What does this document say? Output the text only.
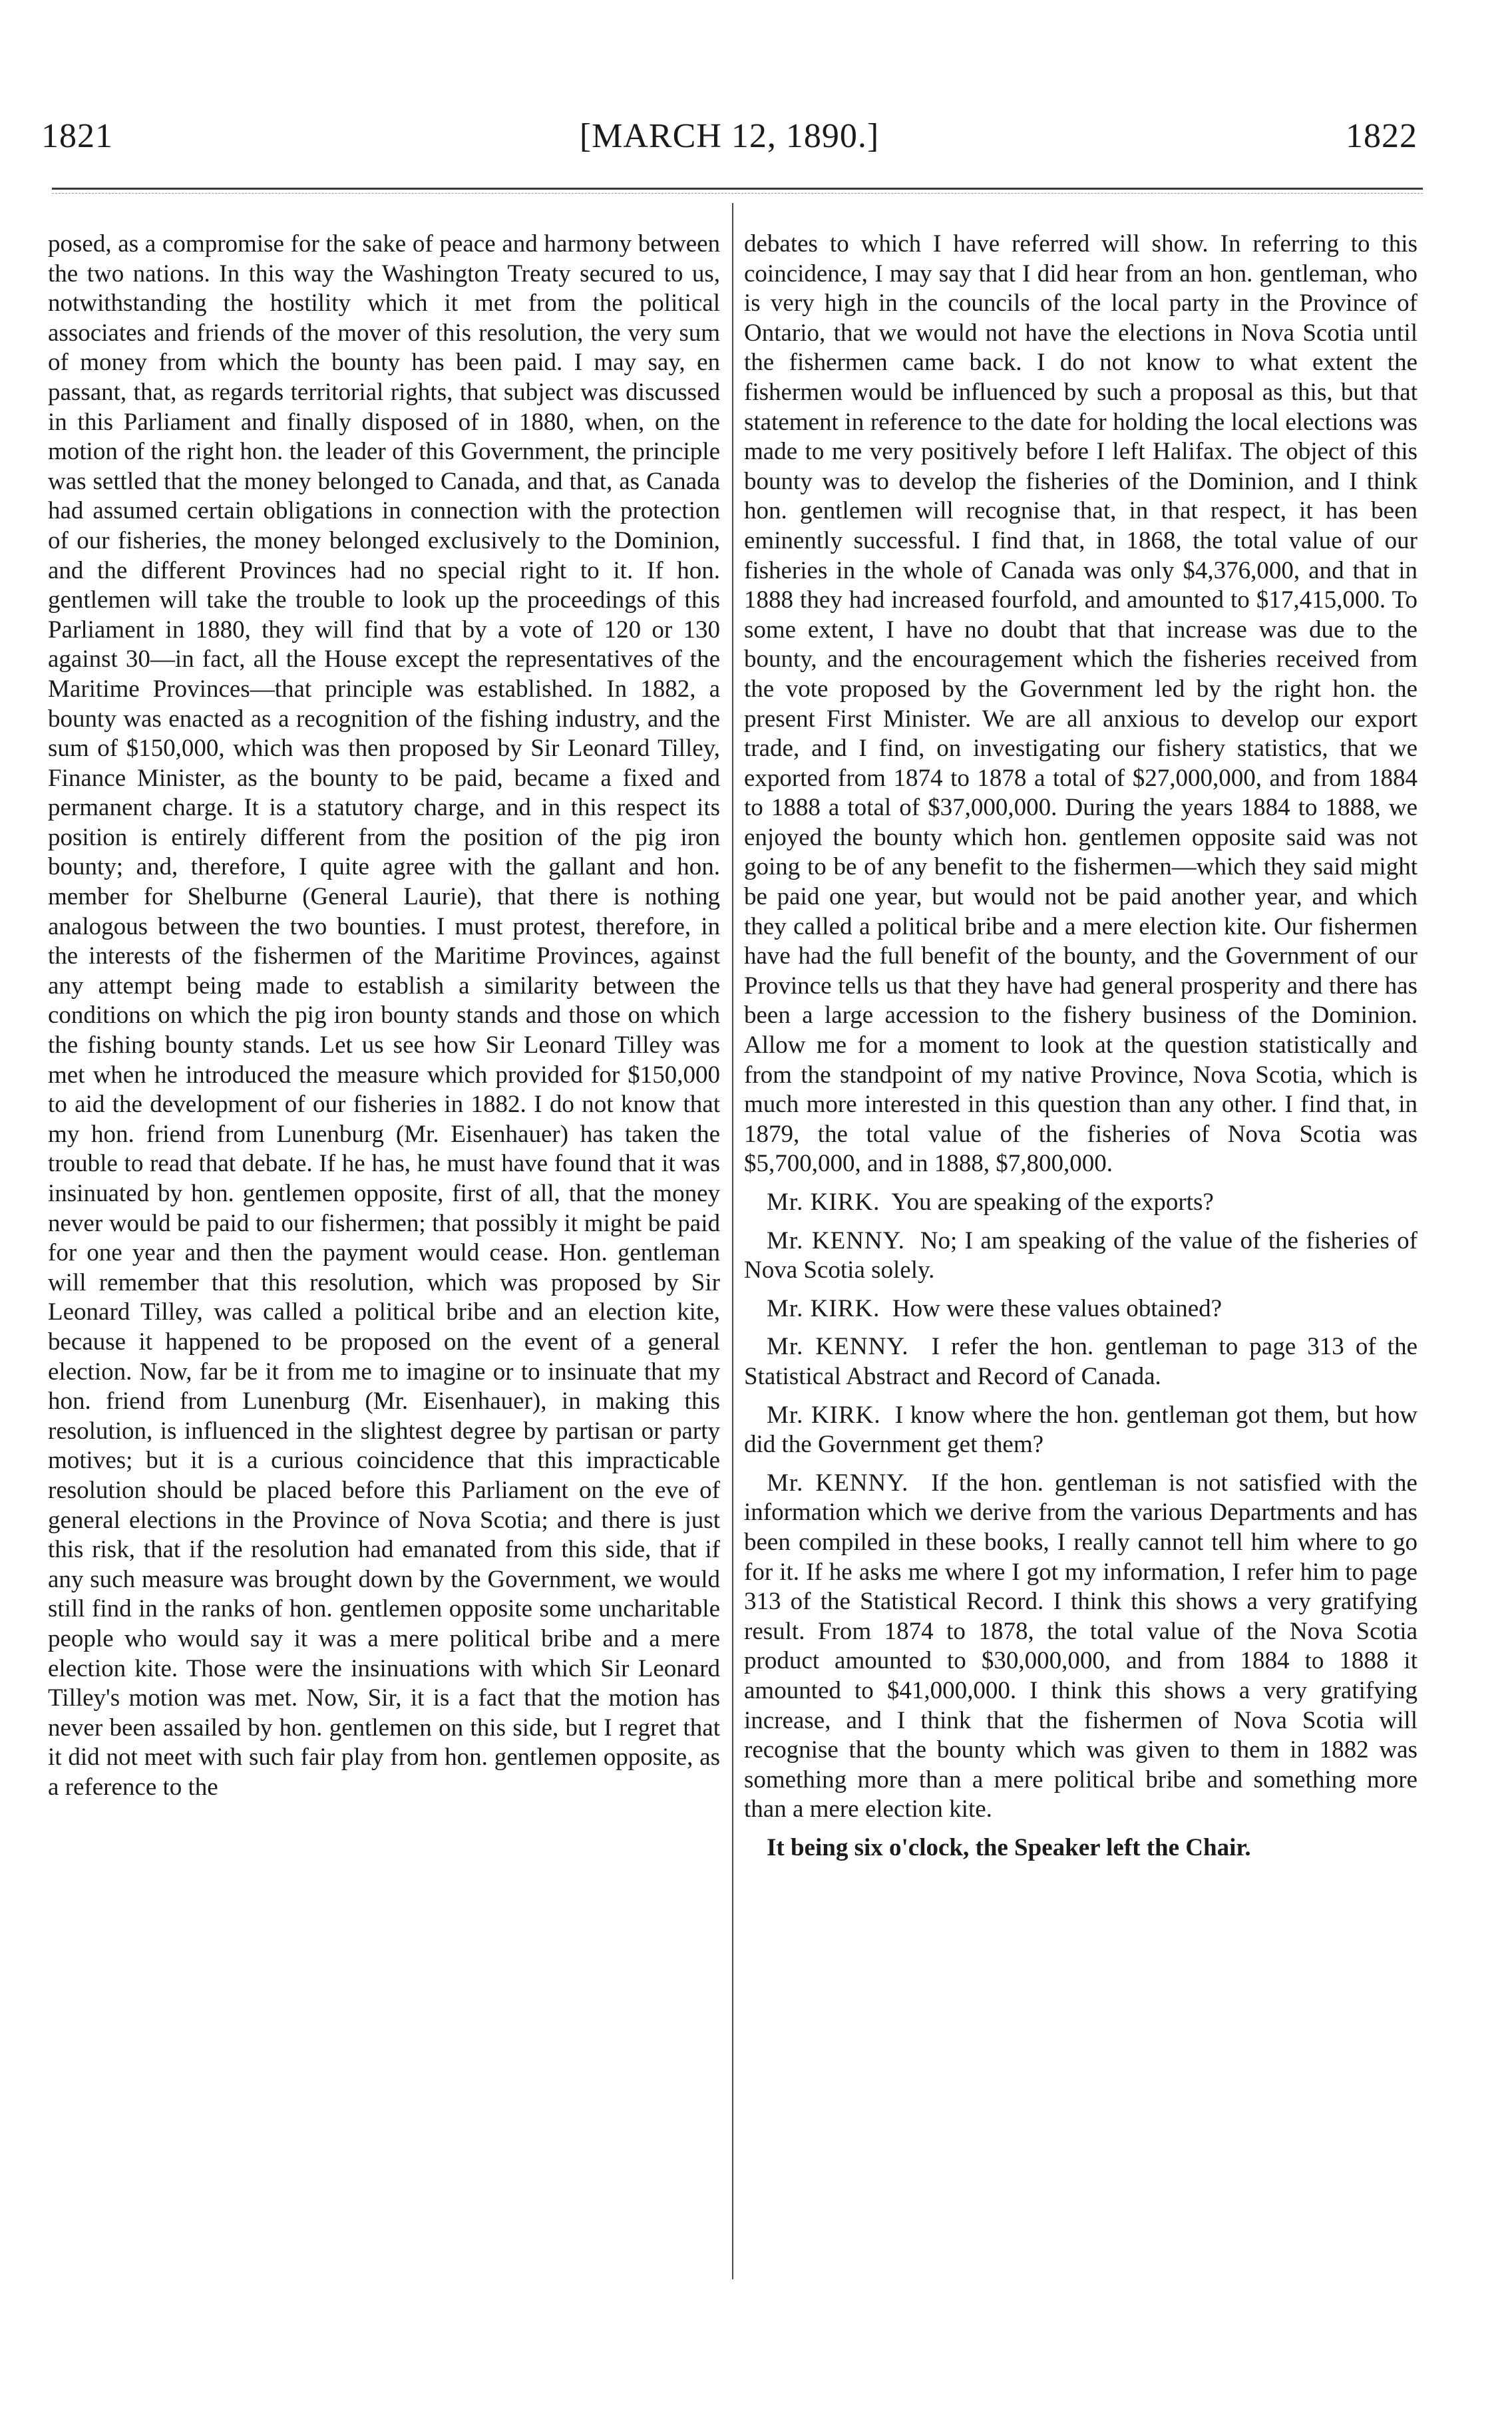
1821	[MARCH 12, 1890.]	1822

posed, as a compromise for the sake of peace and harmony between the two nations. In this way the Washington Treaty secured to us, notwithstanding the hostility which it met from the political associates and friends of the mover of this resolution, the very sum of money from which the bounty has been paid. I may say, en passant, that, as regards territorial rights, that subject was discussed in this Parliament and finally disposed of in 1880, when, on the motion of the right hon. the leader of this Government, the principle was settled that the money belonged to Canada, and that, as Canada had assumed certain obligations in connection with the protection of our fisheries, the money belonged exclusively to the Dominion, and the different Provinces had no special right to it. If hon. gentlemen will take the trouble to look up the proceedings of this Parliament in 1880, they will find that by a vote of 120 or 130 against 30—in fact, all the House except the representatives of the Maritime Provinces—that principle was established. In 1882, a bounty was enacted as a recognition of the fishing industry, and the sum of $150,000, which was then proposed by Sir Leonard Tilley, Finance Minister, as the bounty to be paid, became a fixed and permanent charge. It is a statutory charge, and in this respect its position is entirely different from the position of the pig iron bounty; and, therefore, I quite agree with the gallant and hon. member for Shelburne (General Laurie), that there is nothing analogous between the two bounties. I must protest, therefore, in the interests of the fishermen of the Maritime Provinces, against any attempt being made to establish a similarity between the conditions on which the pig iron bounty stands and those on which the fishing bounty stands. Let us see how Sir Leonard Tilley was met when he introduced the measure which provided for $150,000 to aid the development of our fisheries in 1882. I do not know that my hon. friend from Lunenburg (Mr. Eisenhauer) has taken the trouble to read that debate. If he has, he must have found that it was insinuated by hon. gentlemen opposite, first of all, that the money never would be paid to our fishermen; that possibly it might be paid for one year and then the payment would cease. Hon. gentleman will remember that this resolution, which was proposed by Sir Leonard Tilley, was called a political bribe and an election kite, because it happened to be proposed on the event of a general election. Now, far be it from me to imagine or to insinuate that my hon. friend from Lunenburg (Mr. Eisenhauer), in making this resolution, is influenced in the slightest degree by partisan or party motives; but it is a curious coincidence that this impracticable resolution should be placed before this Parliament on the eve of general elections in the Province of Nova Scotia; and there is just this risk, that if the resolution had emanated from this side, that if any such measure was brought down by the Government, we would still find in the ranks of hon. gentlemen opposite some uncharitable people who would say it was a mere political bribe and a mere election kite. Those were the insinuations with which Sir Leonard Tilley's motion was met. Now, Sir, it is a fact that the motion has never been assailed by hon. gentlemen on this side, but I regret that it did not meet with such fair play from hon. gentlemen opposite, as a reference to the

debates to which I have referred will show. In referring to this coincidence, I may say that I did hear from an hon. gentleman, who is very high in the councils of the local party in the Province of Ontario, that we would not have the elections in Nova Scotia until the fishermen came back. I do not know to what extent the fishermen would be influenced by such a proposal as this, but that statement in reference to the date for holding the local elections was made to me very positively before I left Halifax. The object of this bounty was to develop the fisheries of the Dominion, and I think hon. gentlemen will recognise that, in that respect, it has been eminently successful. I find that, in 1868, the total value of our fisheries in the whole of Canada was only $4,376,000, and that in 1888 they had increased fourfold, and amounted to $17,415,000. To some extent, I have no doubt that that increase was due to the bounty, and the encouragement which the fisheries received from the vote proposed by the Government led by the right hon. the present First Minister. We are all anxious to develop our export trade, and I find, on investigating our fishery statistics, that we exported from 1874 to 1878 a total of $27,000,000, and from 1884 to 1888 a total of $37,000,000. During the years 1884 to 1888, we enjoyed the bounty which hon. gentlemen opposite said was not going to be of any benefit to the fishermen—which they said might be paid one year, but would not be paid another year, and which they called a political bribe and a mere election kite. Our fishermen have had the full benefit of the bounty, and the Government of our Province tells us that they have had general prosperity and there has been a large accession to the fishery business of the Dominion. Allow me for a moment to look at the question statistically and from the standpoint of my native Province, Nova Scotia, which is much more interested in this question than any other. I find that, in 1879, the total value of the fisheries of Nova Scotia was $5,700,000, and in 1888, $7,800,000.

Mr. KIRK. You are speaking of the exports?

Mr. KENNY. No; I am speaking of the value of the fisheries of Nova Scotia solely.

Mr. KIRK. How were these values obtained?

Mr. KENNY. I refer the hon. gentleman to page 313 of the Statistical Abstract and Record of Canada.

Mr. KIRK. I know where the hon. gentleman got them, but how did the Government get them?

Mr. KENNY. If the hon. gentleman is not satisfied with the information which we derive from the various Departments and has been compiled in these books, I really cannot tell him where to go for it. If he asks me where I got my information, I refer him to page 313 of the Statistical Record. I think this shows a very gratifying result. From 1874 to 1878, the total value of the Nova Scotia product amounted to $30,000,000, and from 1884 to 1888 it amounted to $41,000,000. I think this shows a very gratifying increase, and I think that the fishermen of Nova Scotia will recognise that the bounty which was given to them in 1882 was something more than a mere political bribe and something more than a mere election kite.

It being six o'clock, the Speaker left the Chair.
